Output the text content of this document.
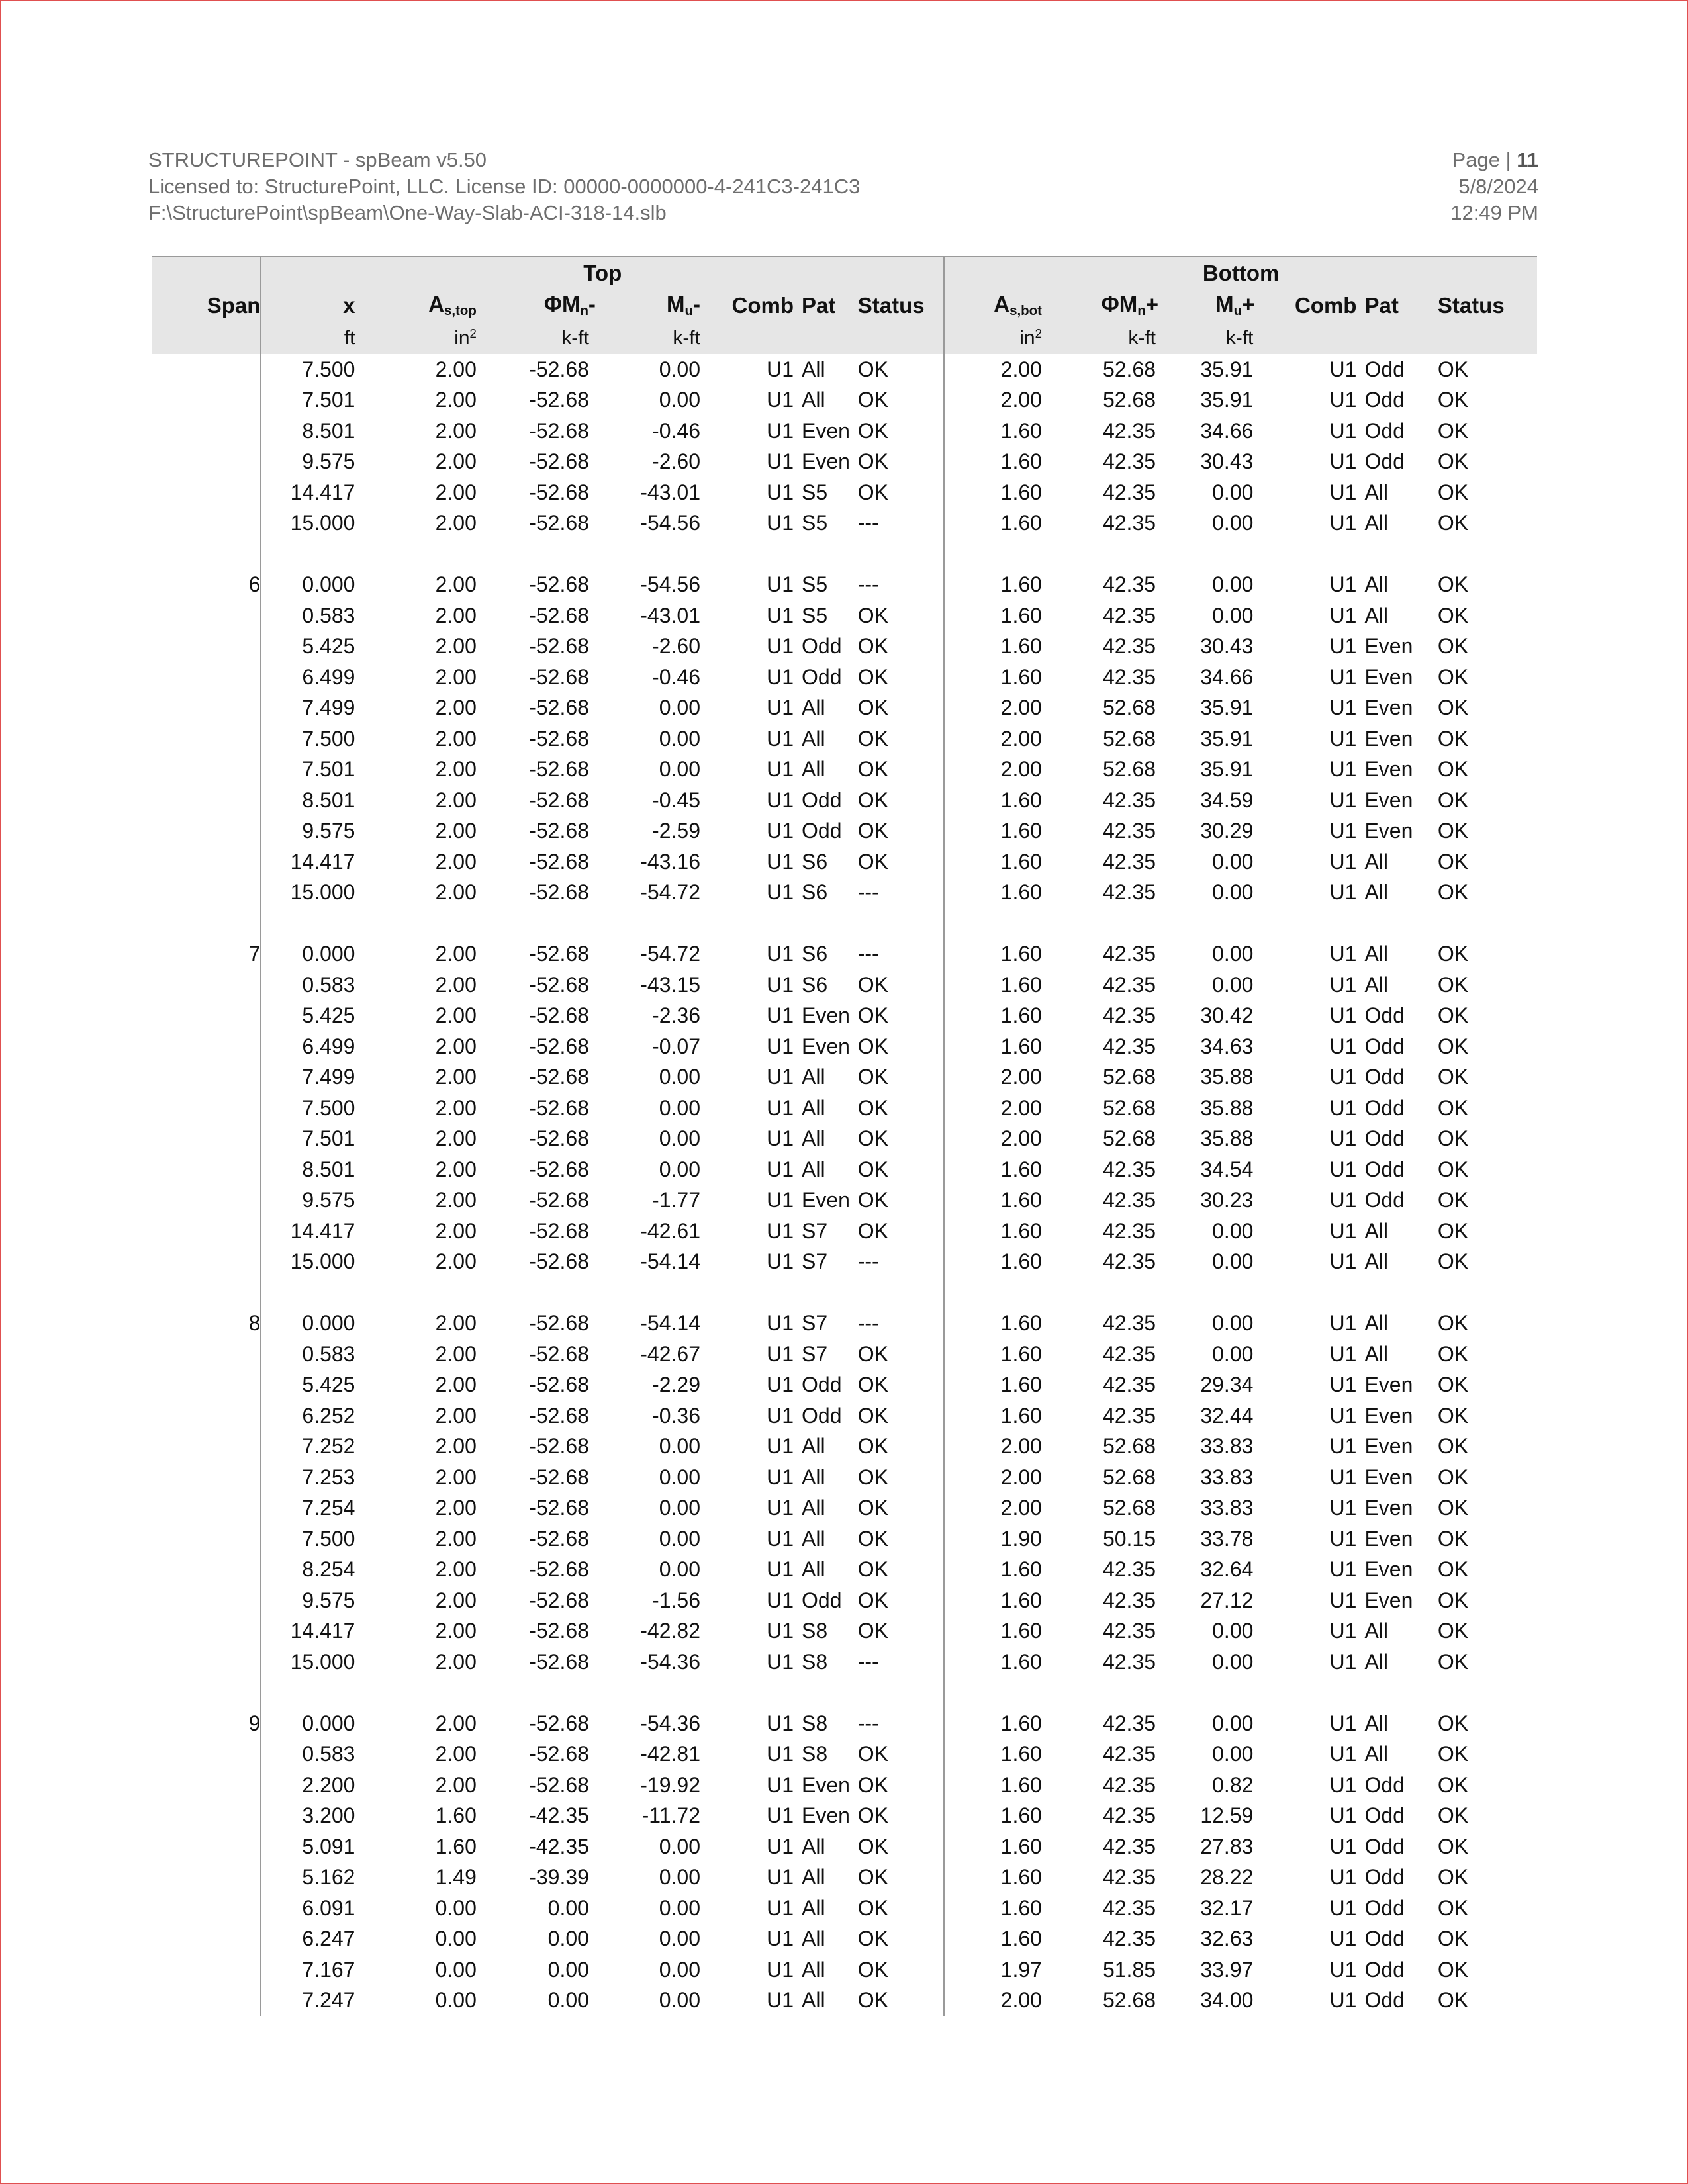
STRUCTUREPOINT - spBeam v5.50
Licensed to: StructurePoint, LLC. License ID: 00000-0000000-4-241C3-241C3
F:\StructurePoint\spBeam\One-Way-Slab-ACI-318-14.slb
Page | 11
5/8/2024
12:49 PM
	Top							Bottom					
Span	x	$A_{s,top}$	$\Phi M_n-$	$M_u-$	Comb	Pat	Status	$A_{s,bot}$	$\Phi M_n+$	$M_u+$	Comb	Pat	Status
	ft	$in^2$	k-ft	k-ft				$in^2$	k-ft	k-ft			
	7.500	2.00	-52.68	0.00	U1	All	OK	2.00	52.68	35.91	U1	Odd	OK
	7.501	2.00	-52.68	0.00	U1	All	OK	2.00	52.68	35.91	U1	Odd	OK
	8.501	2.00	-52.68	-0.46	U1	Even	OK	1.60	42.35	34.66	U1	Odd	OK
	9.575	2.00	-52.68	-2.60	U1	Even	OK	1.60	42.35	30.43	U1	Odd	OK
	14.417	2.00	-52.68	-43.01	U1	S5	OK	1.60	42.35	0.00	U1	All	OK
	15.000	2.00	-52.68	-54.56	U1	S5	---	1.60	42.35	0.00	U1	All	OK

6	0.000	2.00	-52.68	-54.56	U1	S5	---	1.60	42.35	0.00	U1	All	OK
	0.583	2.00	-52.68	-43.01	U1	S5	OK	1.60	42.35	0.00	U1	All	OK
	5.425	2.00	-52.68	-2.60	U1	Odd	OK	1.60	42.35	30.43	U1	Even	OK
	6.499	2.00	-52.68	-0.46	U1	Odd	OK	1.60	42.35	34.66	U1	Even	OK
	7.499	2.00	-52.68	0.00	U1	All	OK	2.00	52.68	35.91	U1	Even	OK
	7.500	2.00	-52.68	0.00	U1	All	OK	2.00	52.68	35.91	U1	Even	OK
	7.501	2.00	-52.68	0.00	U1	All	OK	2.00	52.68	35.91	U1	Even	OK
	8.501	2.00	-52.68	-0.45	U1	Odd	OK	1.60	42.35	34.59	U1	Even	OK
	9.575	2.00	-52.68	-2.59	U1	Odd	OK	1.60	42.35	30.29	U1	Even	OK
	14.417	2.00	-52.68	-43.16	U1	S6	OK	1.60	42.35	0.00	U1	All	OK
	15.000	2.00	-52.68	-54.72	U1	S6	---	1.60	42.35	0.00	U1	All	OK

7	0.000	2.00	-52.68	-54.72	U1	S6	---	1.60	42.35	0.00	U1	All	OK
	0.583	2.00	-52.68	-43.15	U1	S6	OK	1.60	42.35	0.00	U1	All	OK
	5.425	2.00	-52.68	-2.36	U1	Even	OK	1.60	42.35	30.42	U1	Odd	OK
	6.499	2.00	-52.68	-0.07	U1	Even	OK	1.60	42.35	34.63	U1	Odd	OK
	7.499	2.00	-52.68	0.00	U1	All	OK	2.00	52.68	35.88	U1	Odd	OK
	7.500	2.00	-52.68	0.00	U1	All	OK	2.00	52.68	35.88	U1	Odd	OK
	7.501	2.00	-52.68	0.00	U1	All	OK	2.00	52.68	35.88	U1	Odd	OK
	8.501	2.00	-52.68	0.00	U1	All	OK	1.60	42.35	34.54	U1	Odd	OK
	9.575	2.00	-52.68	-1.77	U1	Even	OK	1.60	42.35	30.23	U1	Odd	OK
	14.417	2.00	-52.68	-42.61	U1	S7	OK	1.60	42.35	0.00	U1	All	OK
	15.000	2.00	-52.68	-54.14	U1	S7	---	1.60	42.35	0.00	U1	All	OK

8	0.000	2.00	-52.68	-54.14	U1	S7	---	1.60	42.35	0.00	U1	All	OK
	0.583	2.00	-52.68	-42.67	U1	S7	OK	1.60	42.35	0.00	U1	All	OK
	5.425	2.00	-52.68	-2.29	U1	Odd	OK	1.60	42.35	29.34	U1	Even	OK
	6.252	2.00	-52.68	-0.36	U1	Odd	OK	1.60	42.35	32.44	U1	Even	OK
	7.252	2.00	-52.68	0.00	U1	All	OK	2.00	52.68	33.83	U1	Even	OK
	7.253	2.00	-52.68	0.00	U1	All	OK	2.00	52.68	33.83	U1	Even	OK
	7.254	2.00	-52.68	0.00	U1	All	OK	2.00	52.68	33.83	U1	Even	OK
	7.500	2.00	-52.68	0.00	U1	All	OK	1.90	50.15	33.78	U1	Even	OK
	8.254	2.00	-52.68	0.00	U1	All	OK	1.60	42.35	32.64	U1	Even	OK
	9.575	2.00	-52.68	-1.56	U1	Odd	OK	1.60	42.35	27.12	U1	Even	OK
	14.417	2.00	-52.68	-42.82	U1	S8	OK	1.60	42.35	0.00	U1	All	OK
	15.000	2.00	-52.68	-54.36	U1	S8	---	1.60	42.35	0.00	U1	All	OK

9	0.000	2.00	-52.68	-54.36	U1	S8	---	1.60	42.35	0.00	U1	All	OK
	0.583	2.00	-52.68	-42.81	U1	S8	OK	1.60	42.35	0.00	U1	All	OK
	2.200	2.00	-52.68	-19.92	U1	Even	OK	1.60	42.35	0.82	U1	Odd	OK
	3.200	1.60	-42.35	-11.72	U1	Even	OK	1.60	42.35	12.59	U1	Odd	OK
	5.091	1.60	-42.35	0.00	U1	All	OK	1.60	42.35	27.83	U1	Odd	OK
	5.162	1.49	-39.39	0.00	U1	All	OK	1.60	42.35	28.22	U1	Odd	OK
	6.091	0.00	0.00	0.00	U1	All	OK	1.60	42.35	32.17	U1	Odd	OK
	6.247	0.00	0.00	0.00	U1	All	OK	1.60	42.35	32.63	U1	Odd	OK
	7.167	0.00	0.00	0.00	U1	All	OK	1.97	51.85	33.97	U1	Odd	OK
	7.247	0.00	0.00	0.00	U1	All	OK	2.00	52.68	34.00	U1	Odd	OK
